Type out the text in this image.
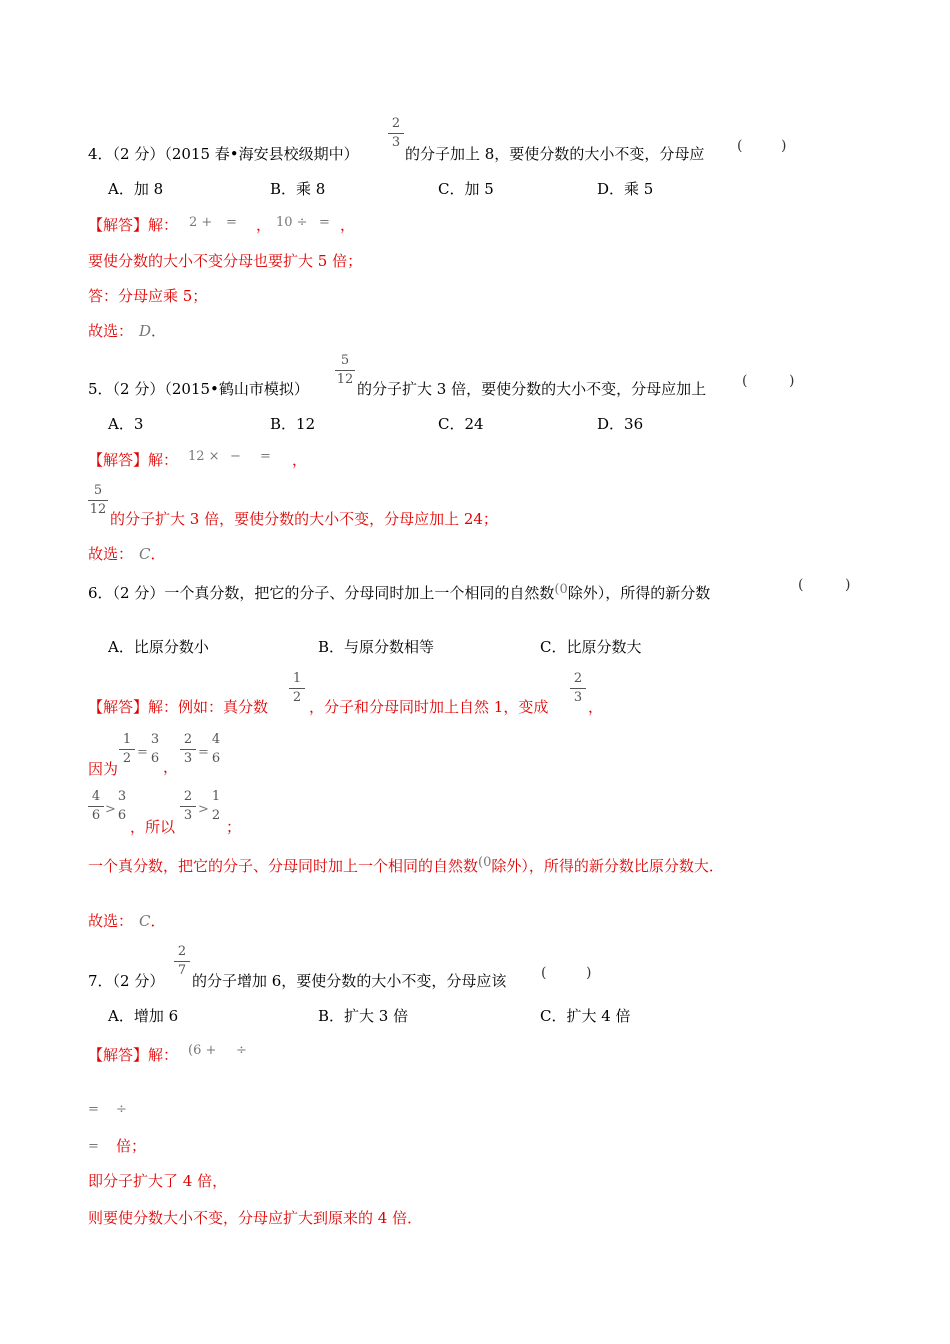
2
3
4．（2 分）（2015 春•海安县校级期中）	的分子加上 8，要使分数的大小不变，分母应 (	)
A．加 8	B．乘 8	C．加 5	D．乘 5
【解答】解： 2 + = ， 10 ÷ = ，
要使分数的大小不变分母也要扩大 5 倍；
答：分母应乘 5；
故选： D．
5
12
5．（2 分）（2015•鹤山市模拟）	的分子扩大 3 倍，要使分数的大小不变，分母应加上	(	)
A．3	B．12	C．24	D．36
【解答】解： 12 × − = ，
5
12
的分子扩大 3 倍，要使分数的大小不变，分母应加上 24；
故选： C．
6．（2 分）一个真分数，把它的分子、分母同时加上一个相同的自然数(0除外），所得的新分数	(	)
A．比原分数小	B．与原分数相等	C．比原分数大
1
2
2
3
【解答】解：例如：真分数	，分子和分母同时加上自然 1，变成	，
1
2 =
3
6
2
3 =
4
6
因为	，
4
6 >
3
6
，所以
2
3 >
1
2
；
一个真分数，把它的分子、分母同时加上一个相同的自然数(0除外），所得的新分数比原分数大．
故选： C．
2
7
7．（2 分） 的分子增加 6，要使分数的大小不变，分母应该 (	)
A．增加 6	B．扩大 3 倍	C．扩大 4 倍
【解答】解： (6 + ÷
= ÷
= 倍；
即分子扩大了 4 倍，
则要使分数大小不变，分母应扩大到原来的 4 倍．
